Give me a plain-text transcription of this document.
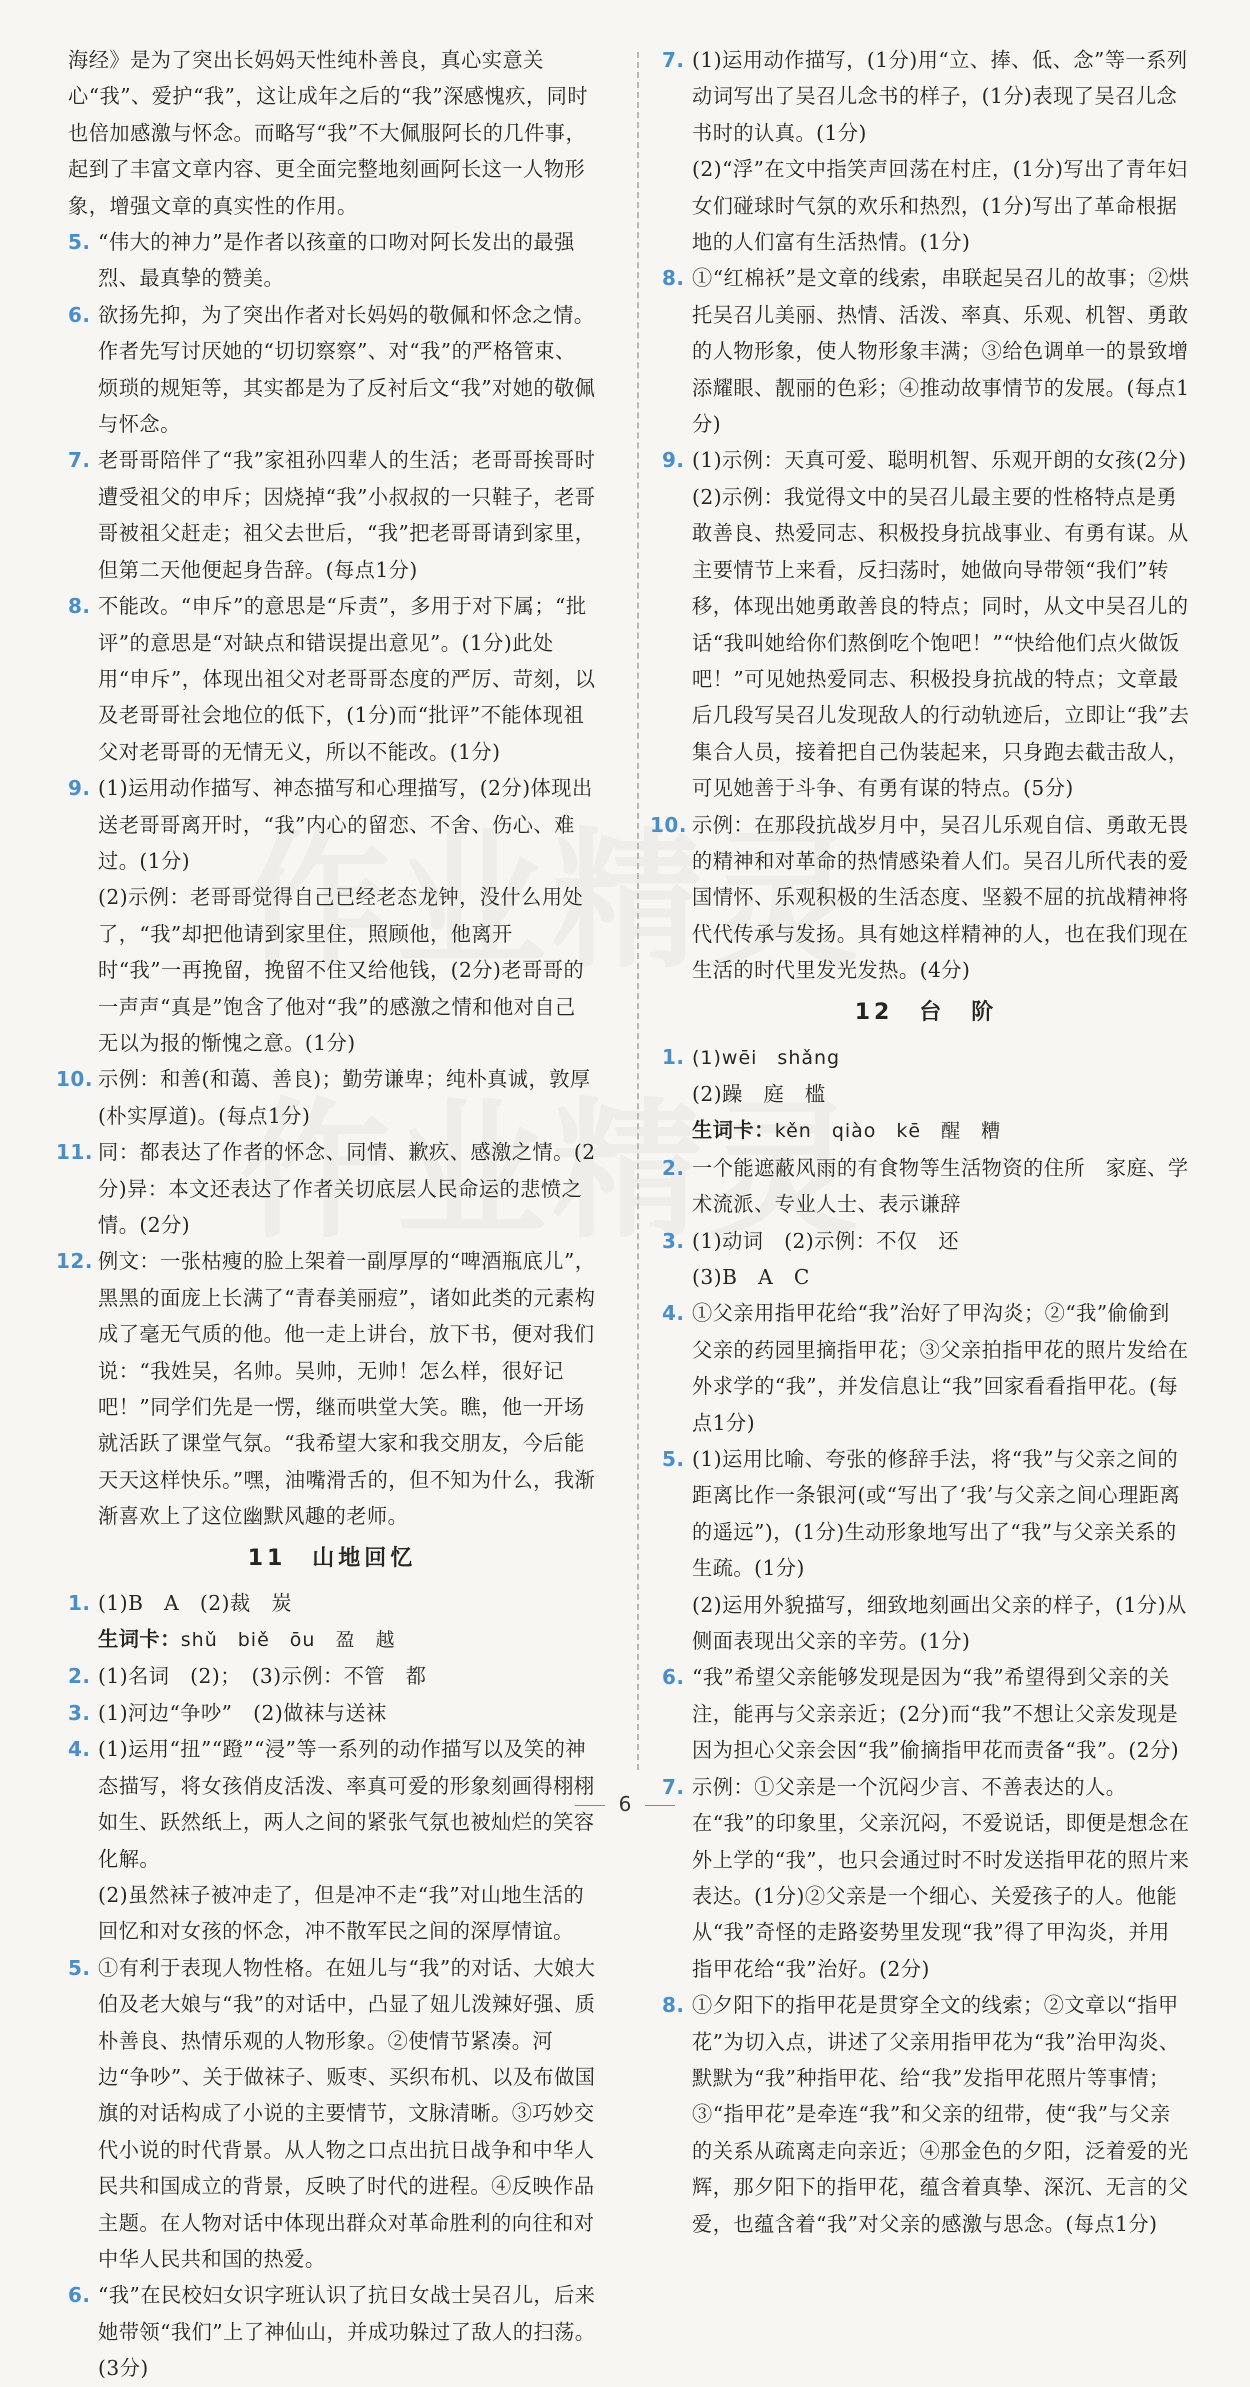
海经》是为了突出长妈妈天性纯朴善良，真心实意关心“我”、爱护“我”，这让成年之后的“我”深感愧疚，同时也倍加感激与怀念。而略写“我”不大佩服阿长的几件事，起到了丰富文章内容、更全面完整地刻画阿长这一人物形象，增强文章的真实性的作用。

5. “伟大的神力”是作者以孩童的口吻对阿长发出的最强烈、最真挚的赞美。

6. 欲扬先抑，为了突出作者对长妈妈的敬佩和怀念之情。作者先写讨厌她的“切切察察”、对“我”的严格管束、烦琐的规矩等，其实都是为了反衬后文“我”对她的敬佩与怀念。

7. 老哥哥陪伴了“我”家祖孙四辈人的生活；老哥哥挨哥时遭受祖父的申斥；因烧掉“我”小叔叔的一只鞋子，老哥哥被祖父赶走；祖父去世后，“我”把老哥哥请到家里，但第二天他便起身告辞。(每点1分)

8. 不能改。“申斥”的意思是“斥责”，多用于对下属；“批评”的意思是“对缺点和错误提出意见”。(1分)此处用“申斥”，体现出祖父对老哥哥态度的严厉、苛刻，以及老哥哥社会地位的低下，(1分)而“批评”不能体现祖父对老哥哥的无情无义，所以不能改。(1分)

9. (1)运用动作描写、神态描写和心理描写，(2分)体现出送老哥哥离开时，“我”内心的留恋、不舍、伤心、难过。(1分)

(2)示例：老哥哥觉得自己已经老态龙钟，没什么用处了，“我”却把他请到家里住，照顾他，他离开时“我”一再挽留，挽留不住又给他钱，(2分)老哥哥的一声声“真是”饱含了他对“我”的感激之情和他对自己无以为报的惭愧之意。(1分)

10. 示例：和善(和蔼、善良)；勤劳谦卑；纯朴真诚，敦厚(朴实厚道)。(每点1分)

11. 同：都表达了作者的怀念、同情、歉疚、感激之情。(2分)异：本文还表达了作者关切底层人民命运的悲愤之情。(2分)

12. 例文：一张枯瘦的脸上架着一副厚厚的“啤酒瓶底儿”，黑黑的面庞上长满了“青春美丽痘”，诸如此类的元素构成了毫无气质的他。他一走上讲台，放下书，便对我们说：“我姓吴，名帅。吴帅，无帅！怎么样，很好记吧！”同学们先是一愣，继而哄堂大笑。瞧，他一开场就活跃了课堂气氛。“我希望大家和我交朋友，今后能天天这样快乐。”嘿，油嘴滑舌的，但不知为什么，我渐渐喜欢上了这位幽默风趣的老师。

11　山地回忆

1. (1)B　A　(2)裁　炭

生词卡：shǔ　biě　ōu　盈　越

2. (1)名词　(2)；　(3)示例：不管　都

3. (1)河边“争吵”　(2)做袜与送袜

4. (1)运用“扭”“蹬”“浸”等一系列的动作描写以及笑的神态描写，将女孩俏皮活泼、率真可爱的形象刻画得栩栩如生、跃然纸上，两人之间的紧张气氛也被灿烂的笑容化解。

(2)虽然袜子被冲走了，但是冲不走“我”对山地生活的回忆和对女孩的怀念，冲不散军民之间的深厚情谊。

5. ①有利于表现人物性格。在妞儿与“我”的对话、大娘大伯及老大娘与“我”的对话中，凸显了妞儿泼辣好强、质朴善良、热情乐观的人物形象。②使情节紧凑。河边“争吵”、关于做袜子、贩枣、买织布机、以及布做国旗的对话构成了小说的主要情节，文脉清晰。③巧妙交代小说的时代背景。从人物之口点出抗日战争和中华人民共和国成立的背景，反映了时代的进程。④反映作品主题。在人物对话中体现出群众对革命胜利的向往和对中华人民共和国的热爱。

6. “我”在民校妇女识字班认识了抗日女战士吴召儿，后来她带领“我们”上了神仙山，并成功躲过了敌人的扫荡。(3分)

7. (1)运用动作描写，(1分)用“立、捧、低、念”等一系列动词写出了吴召儿念书的样子，(1分)表现了吴召儿念书时的认真。(1分)

(2)“浮”在文中指笑声回荡在村庄，(1分)写出了青年妇女们碰球时气氛的欢乐和热烈，(1分)写出了革命根据地的人们富有生活热情。(1分)

8. ①“红棉袄”是文章的线索，串联起吴召儿的故事；②烘托吴召儿美丽、热情、活泼、率真、乐观、机智、勇敢的人物形象，使人物形象丰满；③给色调单一的景致增添耀眼、靓丽的色彩；④推动故事情节的发展。(每点1分)

9. (1)示例：天真可爱、聪明机智、乐观开朗的女孩(2分)

(2)示例：我觉得文中的吴召儿最主要的性格特点是勇敢善良、热爱同志、积极投身抗战事业、有勇有谋。从主要情节上来看，反扫荡时，她做向导带领“我们”转移，体现出她勇敢善良的特点；同时，从文中吴召儿的话“我叫她给你们熬倒吃个饱吧！”“快给他们点火做饭吧！”可见她热爱同志、积极投身抗战的特点；文章最后几段写吴召儿发现敌人的行动轨迹后，立即让“我”去集合人员，接着把自己伪装起来，只身跑去截击敌人，可见她善于斗争、有勇有谋的特点。(5分)

10. 示例：在那段抗战岁月中，吴召儿乐观自信、勇敢无畏的精神和对革命的热情感染着人们。吴召儿所代表的爱国情怀、乐观积极的生活态度、坚毅不屈的抗战精神将代代传承与发扬。具有她这样精神的人，也在我们现在生活的时代里发光发热。(4分)

12　台　阶

1. (1)wēi　shǎng

(2)躁　庭　槛

生词卡：kěn　qiào　kē　醒　糟

2. 一个能遮蔽风雨的有食物等生活物资的住所　家庭、学术流派、专业人士、表示谦辞

3. (1)动词　(2)示例：不仅　还

(3)B　A　C

4. ①父亲用指甲花给“我”治好了甲沟炎；②“我”偷偷到父亲的药园里摘指甲花；③父亲拍指甲花的照片发给在外求学的“我”，并发信息让“我”回家看看指甲花。(每点1分)

5. (1)运用比喻、夸张的修辞手法，将“我”与父亲之间的距离比作一条银河(或“写出了‘我’与父亲之间心理距离的遥远”)，(1分)生动形象地写出了“我”与父亲关系的生疏。(1分)

(2)运用外貌描写，细致地刻画出父亲的样子，(1分)从侧面表现出父亲的辛劳。(1分)

6. “我”希望父亲能够发现是因为“我”希望得到父亲的关注，能再与父亲亲近；(2分)而“我”不想让父亲发现是因为担心父亲会因“我”偷摘指甲花而责备“我”。(2分)

7. 示例：①父亲是一个沉闷少言、不善表达的人。在“我”的印象里，父亲沉闷，不爱说话，即便是想念在外上学的“我”，也只会通过时不时发送指甲花的照片来表达。(1分)②父亲是一个细心、关爱孩子的人。他能从“我”奇怪的走路姿势里发现“我”得了甲沟炎，并用指甲花给“我”治好。(2分)

8. ①夕阳下的指甲花是贯穿全文的线索；②文章以“指甲花”为切入点，讲述了父亲用指甲花为“我”治甲沟炎、默默为“我”种指甲花、给“我”发指甲花照片等事情；③“指甲花”是牵连“我”和父亲的纽带，使“我”与父亲的关系从疏离走向亲近；④那金色的夕阳，泛着爱的光辉，那夕阳下的指甲花，蕴含着真挚、深沉、无言的父爱，也蕴含着“我”对父亲的感激与思念。(每点1分)

6
